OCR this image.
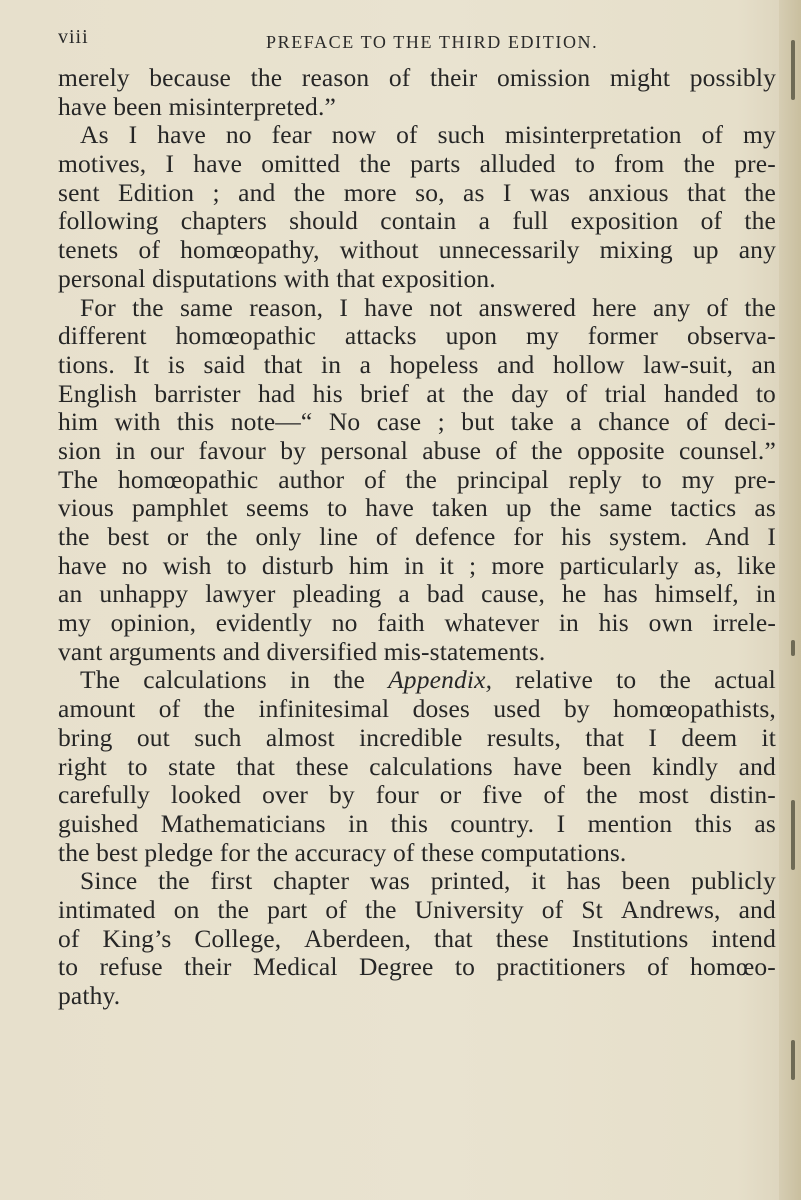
viii	PREFACE TO THE THIRD EDITION.
merely because the reason of their omission might possibly
have
been
misinterpreted.”
As I have no fear now of such misinterpretation of my
motives, I have omitted the parts alluded to from the pre-
sent Edition ; and the more so, as I was anxious that the
following chapters should contain a full exposition of the
tenets of homœopathy, without unnecessarily mixing up any
personal
disputations
with
that
exposition.
For the same reason, I have not answered here any of the
different homœopathic attacks upon my former observa-
tions. It is said that in a hopeless and hollow law-suit, an
English barrister had his brief at the day of trial handed to
him with this note—“ No case ; but take a chance of deci-
sion in our favour by personal abuse of the opposite counsel.”
The homœopathic author of the principal reply to my pre-
vious pamphlet seems to have taken up the same tactics as
the best or the only line of defence for his system. And I
have no wish to disturb him in it ; more particularly as, like
an unhappy lawyer pleading a bad cause, he has himself, in
my opinion, evidently no faith whatever in his own irrele-
vant
arguments
and
diversified
mis-statements.
The calculations in the Appendix, relative to the actual
amount of the infinitesimal doses used by homœopathists,
bring out such almost incredible results, that I deem it
right to state that these calculations have been kindly and
carefully looked over by four or five of the most distin-
guished Mathematicians in this country. I mention this as
the
best
pledge
for
the
accuracy
of
these
computations.
Since the first chapter was printed, it has been publicly
intimated on the part of the University of St Andrews, and
of King’s College, Aberdeen, that these Institutions intend
to refuse their Medical Degree to practitioners of homœo-
pathy.
